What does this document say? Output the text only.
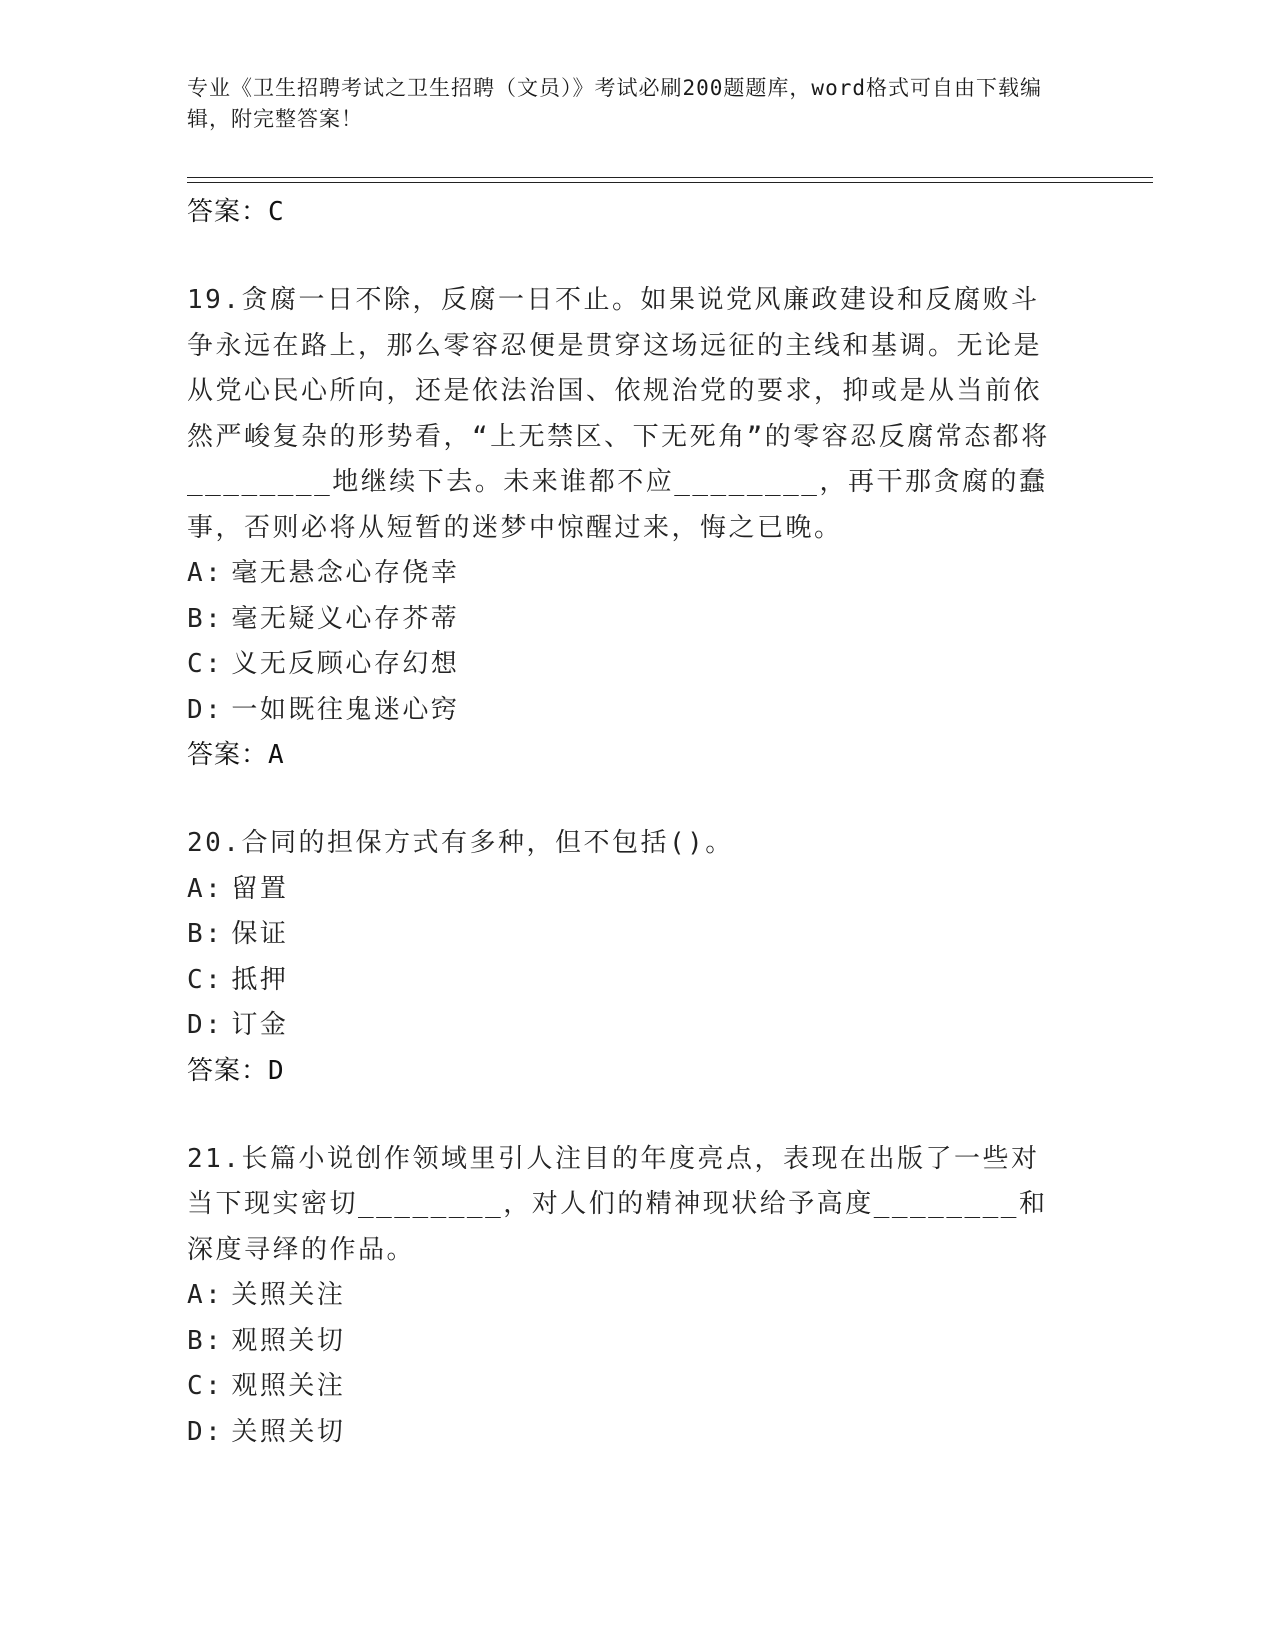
专业《卫生招聘考试之卫生招聘（文员）》考试必刷200题题库，word格式可自由下载编辑，附完整答案！
答案：C
19.贪腐一日不除，反腐一日不止。如果说党风廉政建设和反腐败斗争永远在路上，那么零容忍便是贯穿这场远征的主线和基调。无论是从党心民心所向，还是依法治国、依规治党的要求，抑或是从当前依然严峻复杂的形势看，“上无禁区、下无死角”的零容忍反腐常态都将________地继续下去。未来谁都不应________，再干那贪腐的蠢事，否则必将从短暂的迷梦中惊醒过来，悔之已晚。
A: 毫无悬念心存侥幸
B: 毫无疑义心存芥蒂
C: 义无反顾心存幻想
D: 一如既往鬼迷心窍
答案：A
20.合同的担保方式有多种，但不包括()。
A: 留置
B: 保证
C: 抵押
D: 订金
答案：D
21.长篇小说创作领域里引人注目的年度亮点，表现在出版了一些对当下现实密切________，对人们的精神现状给予高度________和深度寻绎的作品。
A: 关照关注
B: 观照关切
C: 观照关注
D: 关照关切
